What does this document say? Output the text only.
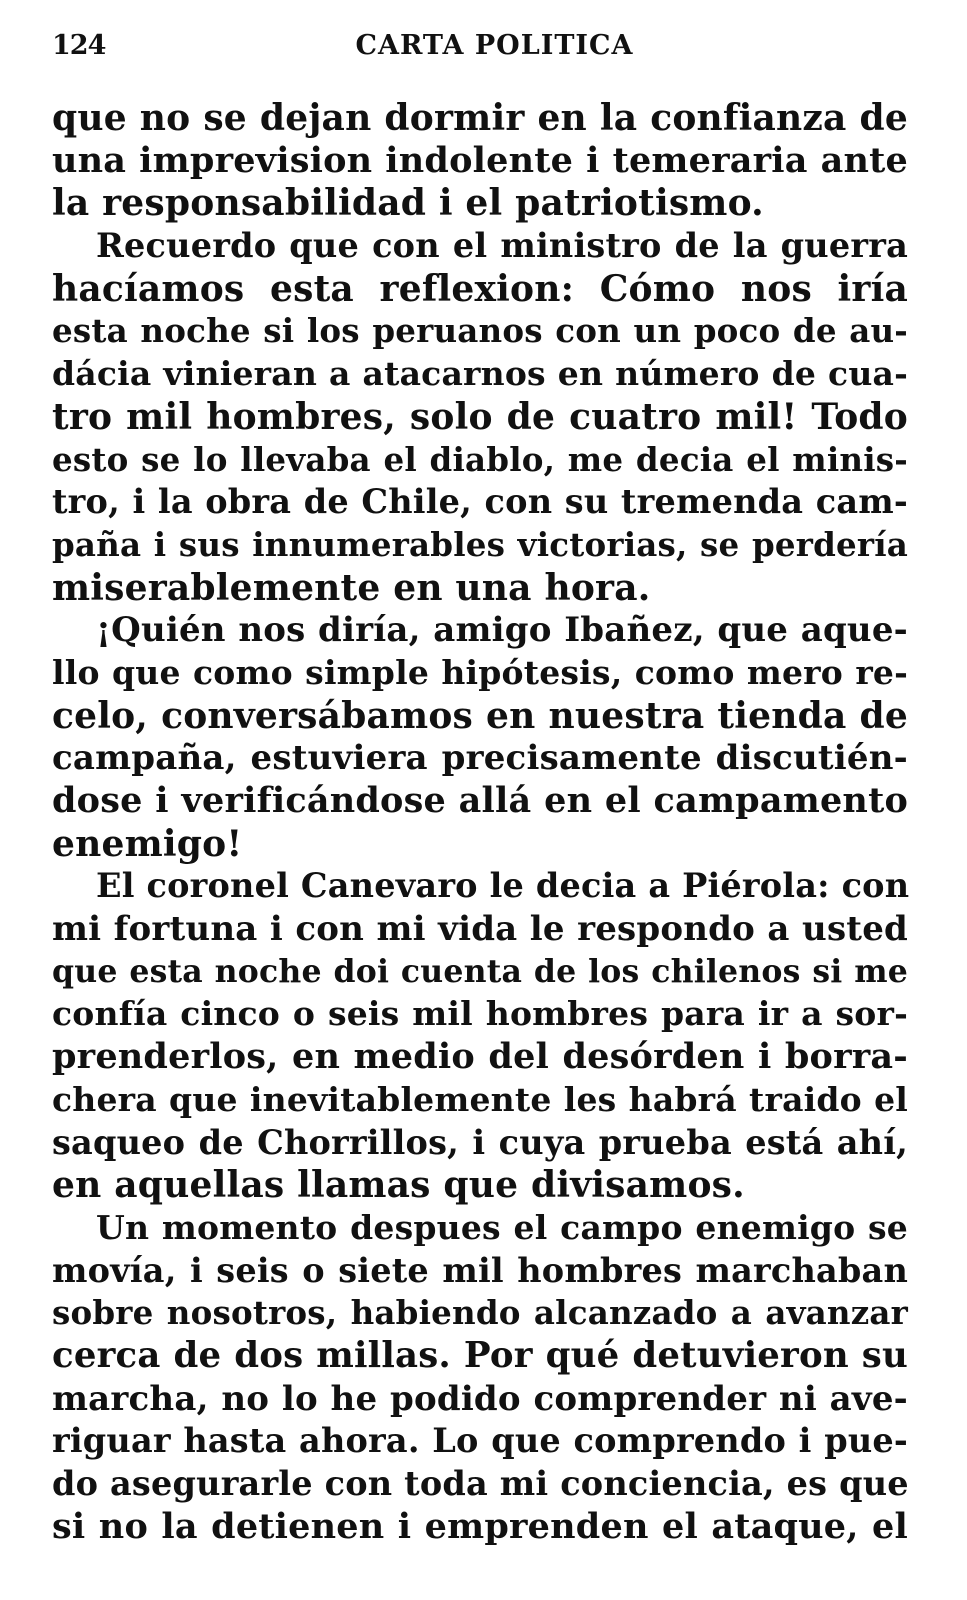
124	CARTA POLITICA
que no se dejan dormir en la confianza de
una imprevision indolente i temeraria ante
la responsabilidad i el patriotismo.
Recuerdo que con el ministro de la guerra
hacíamos esta reflexion: Cómo nos iría
esta noche si los peruanos con un poco de au-
dácia vinieran a atacarnos en número de cua-
tro mil hombres, solo de cuatro mil! Todo
esto se lo llevaba el diablo, me decia el minis-
tro, i la obra de Chile, con su tremenda cam-
paña i sus innumerables victorias, se perdería
miserablemente en una hora.
¡Quién nos diría, amigo Ibañez, que aque-
llo que como simple hipótesis, como mero re-
celo, conversábamos en nuestra tienda de
campaña, estuviera precisamente discutién-
dose i verificándose allá en el campamento
enemigo!
El coronel Canevaro le decia a Piérola: con
mi fortuna i con mi vida le respondo a usted
que esta noche doi cuenta de los chilenos si me
confía cinco o seis mil hombres para ir a sor-
prenderlos, en medio del desórden i borra-
chera que inevitablemente les habrá traido el
saqueo de Chorrillos, i cuya prueba está ahí,
en aquellas llamas que divisamos.
Un momento despues el campo enemigo se
movía, i seis o siete mil hombres marchaban
sobre nosotros, habiendo alcanzado a avanzar
cerca de dos millas. Por qué detuvieron su
marcha, no lo he podido comprender ni ave-
riguar hasta ahora. Lo que comprendo i pue-
do asegurarle con toda mi conciencia, es que
si no la detienen i emprenden el ataque, el
